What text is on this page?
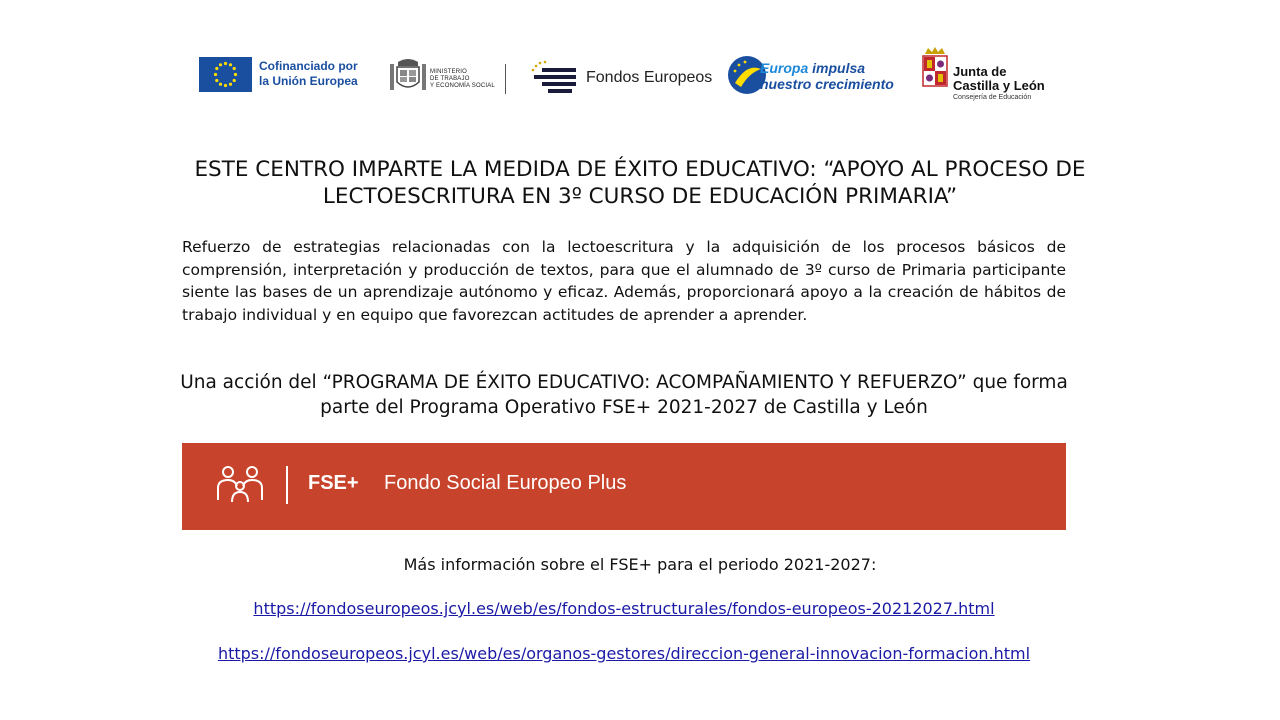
Cofinanciado por
la Unión Europea
MINISTERIO
DE TRABAJO
Y ECONOMÍA SOCIAL	Fondos Europeos
Europa impulsa
nuestro crecimiento
Junta de
Castilla y León
Consejería de Educación
ESTE CENTRO IMPARTE LA MEDIDA DE ÉXITO EDUCATIVO: “APOYO AL PROCESO DE LECTOESCRITURA EN 3º CURSO DE EDUCACIÓN PRIMARIA”
Refuerzo de estrategias relacionadas con la lectoescritura y la adquisición de los procesos básicos de comprensión, interpretación y producción de textos, para que el alumnado de 3º curso de Primaria participante siente las bases de un aprendizaje autónomo y eficaz. Además, proporcionará apoyo a la creación de hábitos de trabajo individual y en equipo que favorezcan actitudes de aprender a aprender.
Una acción del “PROGRAMA DE ÉXITO EDUCATIVO: ACOMPAÑAMIENTO Y REFUERZO” que forma parte del Programa Operativo FSE+ 2021-2027 de Castilla y León
FSE+ Fondo Social Europeo Plus
Más información sobre el FSE+ para el periodo 2021-2027:
https://fondoseuropeos.jcyl.es/web/es/fondos-estructurales/fondos-europeos-20212027.html
https://fondoseuropeos.jcyl.es/web/es/organos-gestores/direccion-general-innovacion-formacion.html
